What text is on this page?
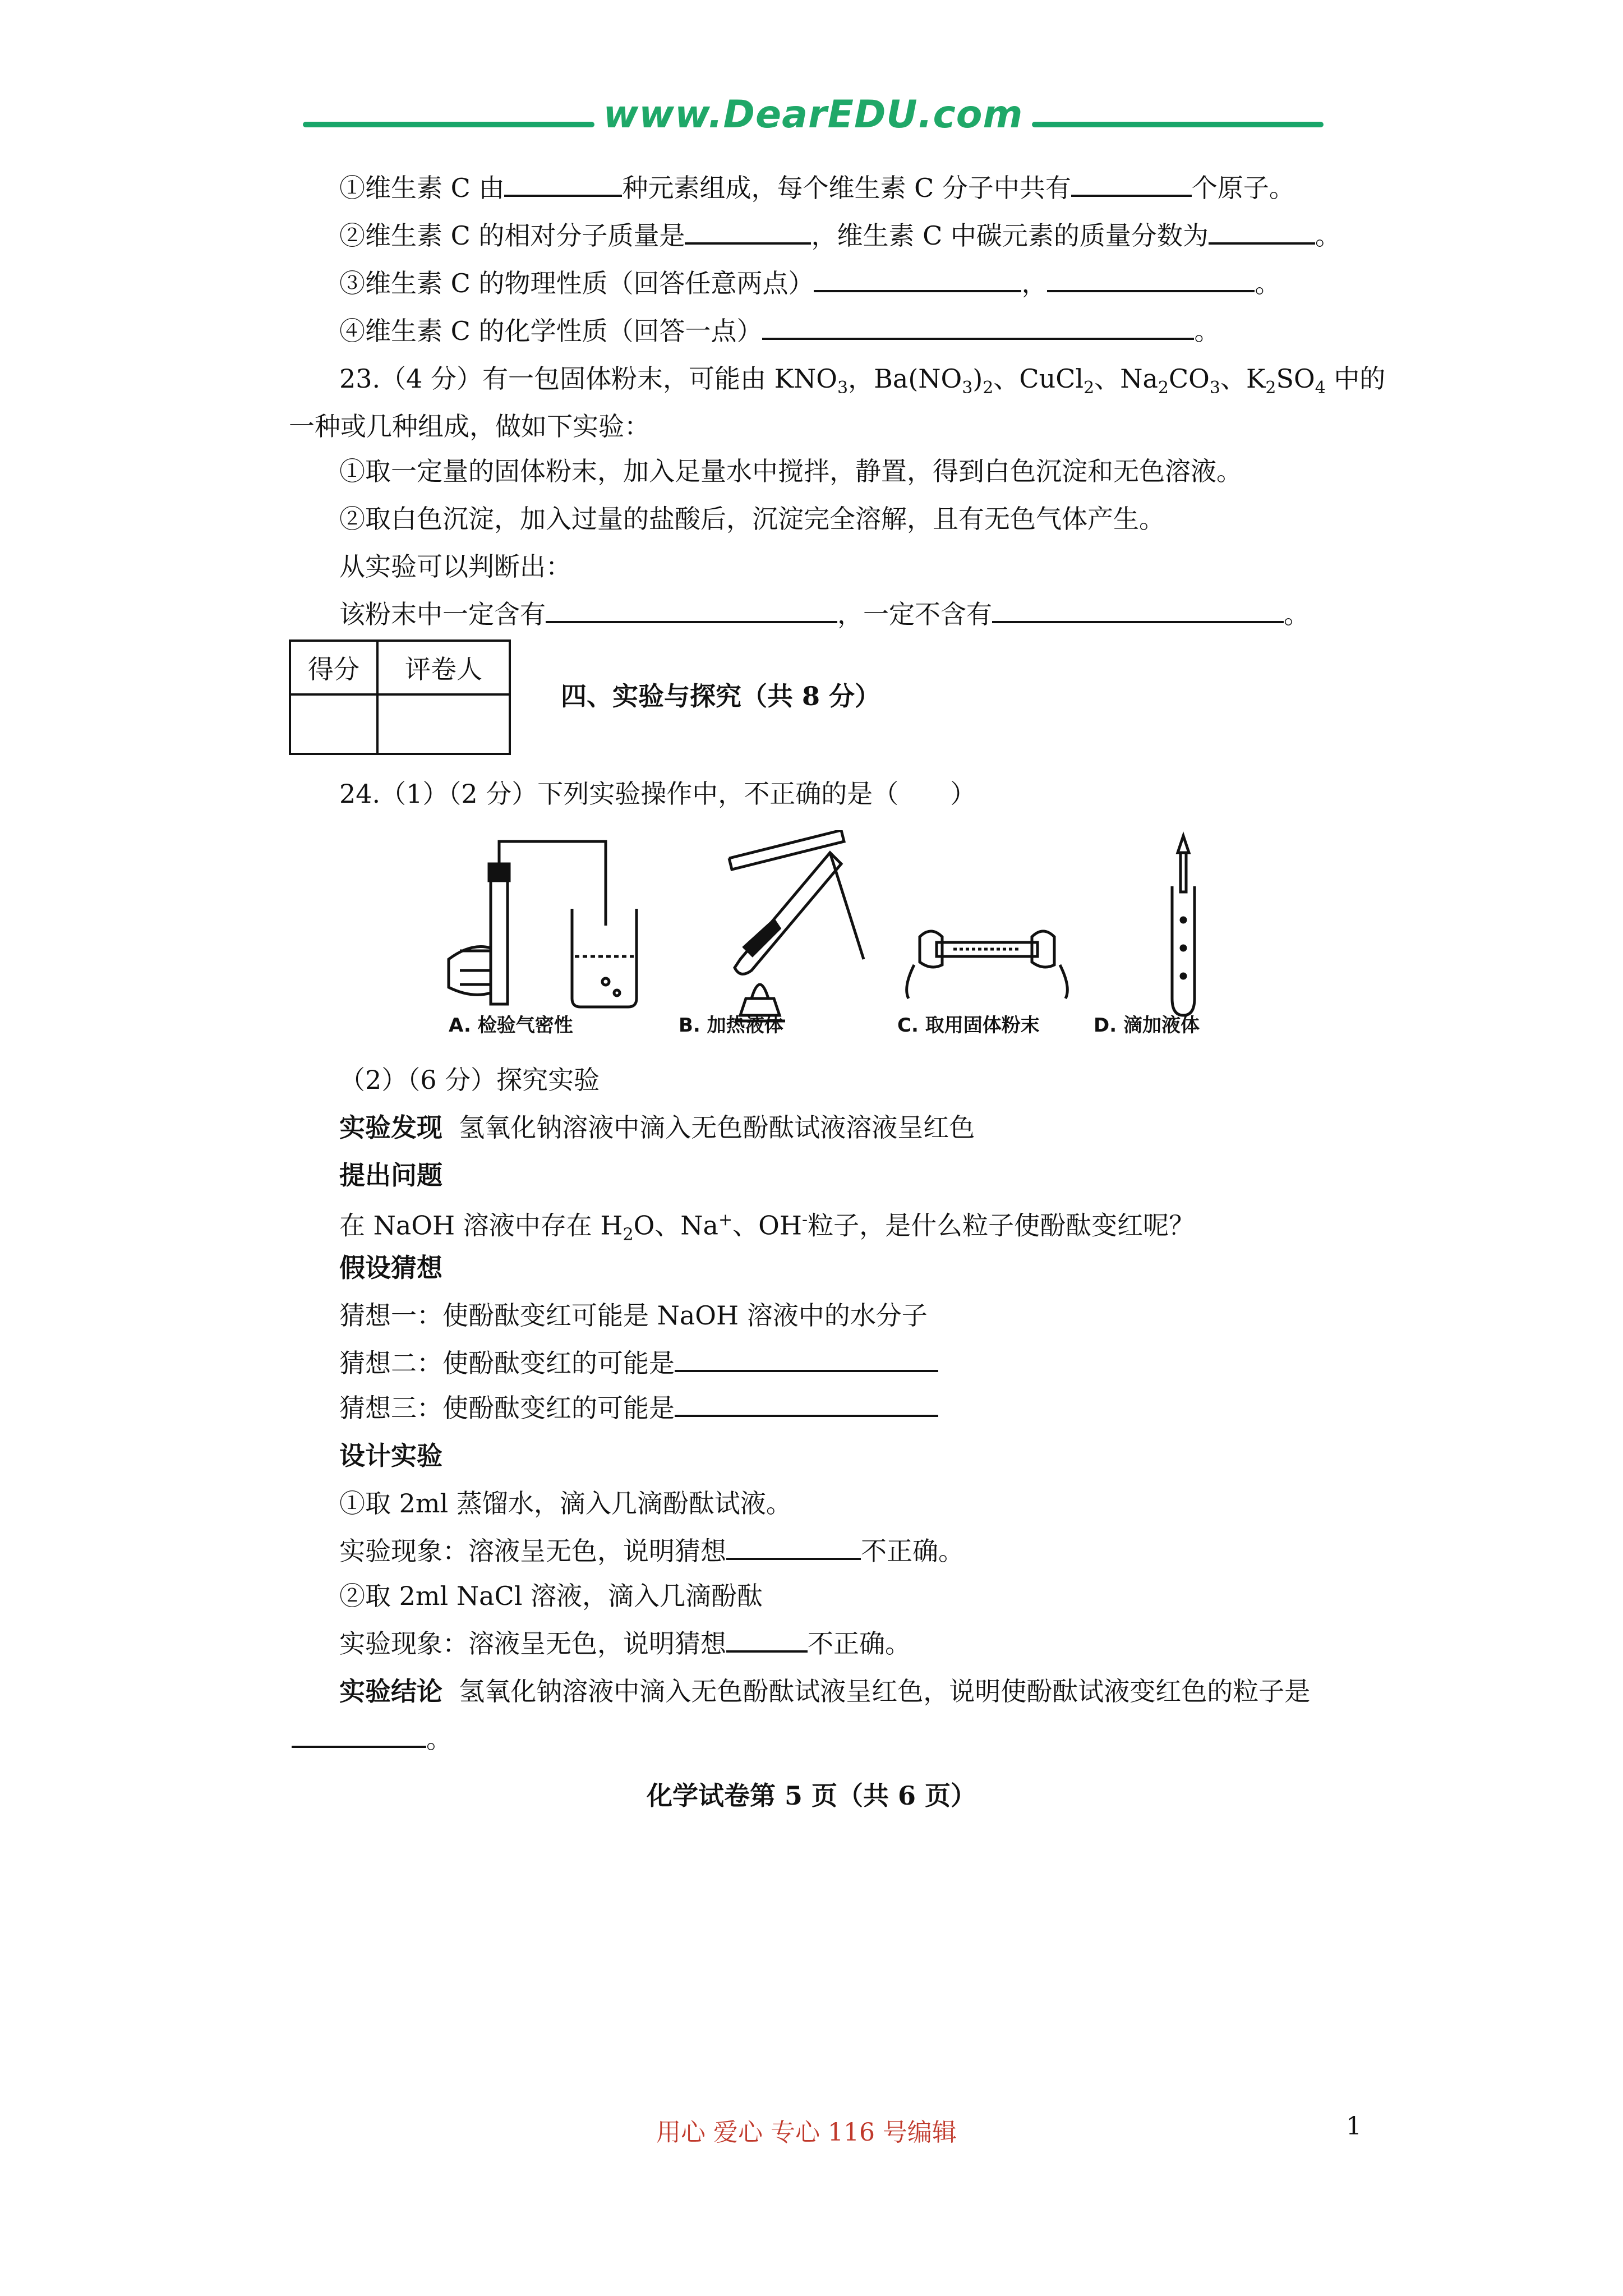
www.DearEDU.com
①维生素 C 由	种元素组成，每个维生素 C 分子中共有	个原子。
②维生素 C 的相对分子质量是	，维生素 C 中碳元素的质量分数为	。
③维生素 C 的物理性质（回答任意两点）	，	。
④维生素 C 的化学性质（回答一点）	。
23.（4 分）有一包固体粉末，可能由 $KNO_3$，$Ba(NO_3)_2$、CuCl$_2$、$Na_2CO_3$、$K_2SO_4$ 中的
一种或几种组成，做如下实验：
①取一定量的固体粉末，加入足量水中搅拌，静置，得到白色沉淀和无色溶液。
②取白色沉淀，加入过量的盐酸后，沉淀完全溶解，且有无色气体产生。
从实验可以判断出：
该粉末中一定含有	，一定不含有	。
得分	评卷人

四、实验与探究（共 8 分）
24.（1）（2 分）下列实验操作中，不正确的是（　　）
A. 检验气密性	B. 加热液体	C. 取用固体粉末	D. 滴加液体
（2）（6 分）探究实验
实验发现 氢氧化钠溶液中滴入无色酚酞试液溶液呈红色
提出问题
在 NaOH 溶液中存在 $H_2O$、Na+、OH-粒子，是什么粒子使酚酞变红呢？
假设猜想
猜想一：使酚酞变红可能是 NaOH 溶液中的水分子
猜想二：使酚酞变红的可能是
猜想三：使酚酞变红的可能是
设计实验
①取 2ml 蒸馏水，滴入几滴酚酞试液。
实验现象：溶液呈无色，说明猜想	不正确。
②取 2ml NaCl 溶液，滴入几滴酚酞
实验现象：溶液呈无色，说明猜想	不正确。
实验结论 氢氧化钠溶液中滴入无色酚酞试液呈红色，说明使酚酞试液变红色的粒子是
。
化学试卷第 5 页（共 6 页）
用心 爱心 专心 116 号编辑	1
